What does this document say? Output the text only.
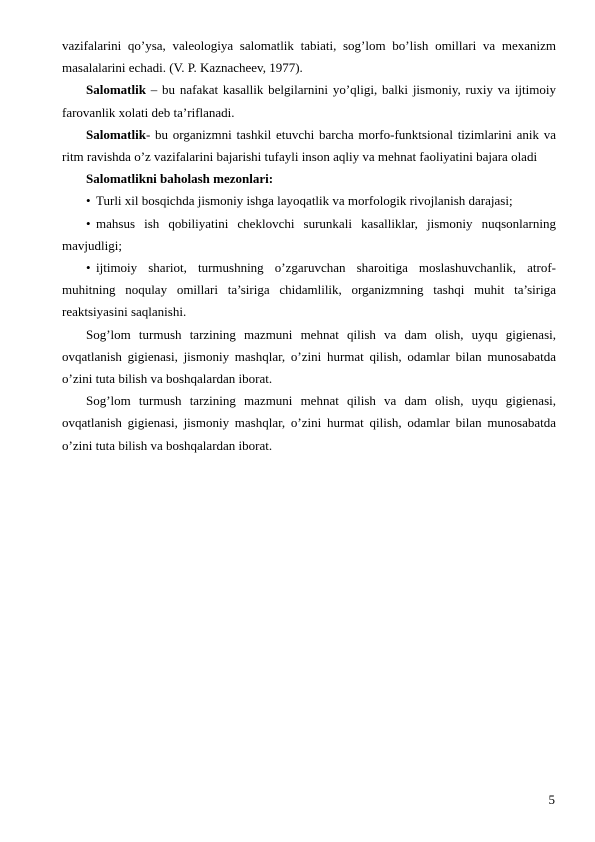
vazifalarini qo’ysa, valeologiya salomatlik tabiati, sog’lom bo’lish omillari va mexanizm masalalarini echadi. (V. P. Kaznacheev, 1977).

Salomatlik – bu nafakat kasallik belgilarnini yo’qligi, balki jismoniy, ruxiy va ijtimoiy farovanlik xolati deb ta’riflanadi.

Salomatlik- bu organizmni tashkil etuvchi barcha morfo-funktsional tizimlarini anik va ritm ravishda o’z vazifalarini bajarishi tufayli inson aqliy va mehnat faoliyatini bajara oladi

Salomatlikni baholash mezonlari:

• Turli xil bosqichda jismoniy ishga layoqatlik va morfologik rivojlanish darajasi;

• mahsus ish qobiliyatini cheklovchi surunkali kasalliklar, jismoniy nuqsonlarning mavjudligi;

• ijtimoiy shariot, turmushning o’zgaruvchan sharoitiga moslashuvchanlik, atrof-muhitning noqulay omillari ta’siriga chidamlilik, organizmning tashqi muhit ta’siriga reaktsiyasini saqlanishi.

Sog’lom turmush tarzining mazmuni mehnat qilish va dam olish, uyqu gigienasi, ovqatlanish gigienasi, jismoniy mashqlar, o’zini hurmat qilish, odamlar bilan munosabatda o’zini tuta bilish va boshqalardan iborat.

Sog’lom turmush tarzining mazmuni mehnat qilish va dam olish, uyqu gigienasi, ovqatlanish gigienasi, jismoniy mashqlar, o’zini hurmat qilish, odamlar bilan munosabatda o’zini tuta bilish va boshqalardan iborat.

5
